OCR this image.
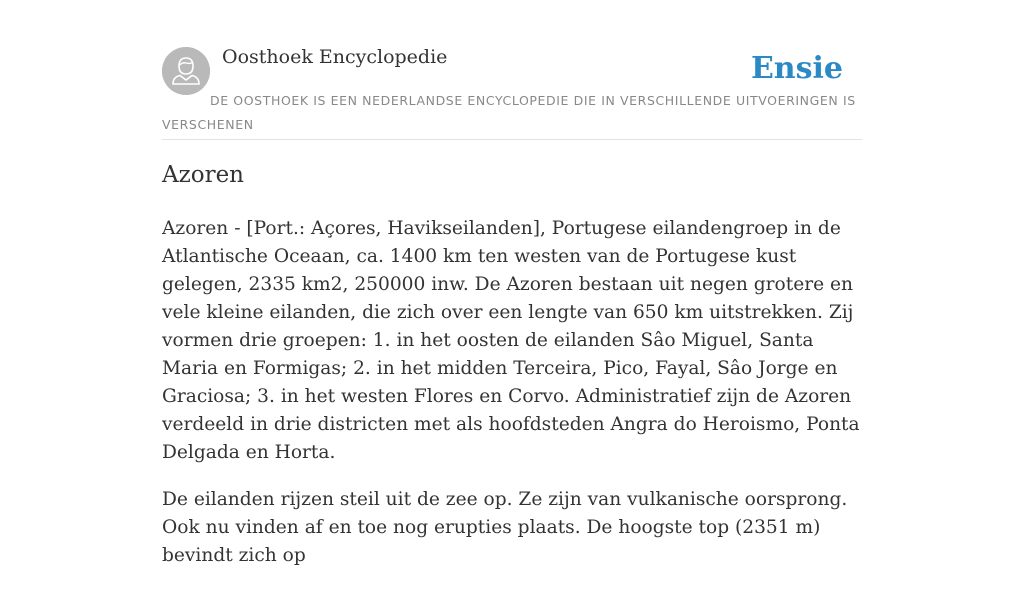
Oosthoek Encyclopedie	Ensie
DE OOSTHOEK IS EEN NEDERLANDSE ENCYCLOPEDIE DIE IN VERSCHILLENDE UITVOERINGEN IS VERSCHENEN
Azoren

Azoren - [Port.: Açores, Havikseilanden], Portugese eilandengroep in de Atlantische Oceaan, ca. 1400 km ten westen van de Portugese kust gelegen, 2335 km2, 250000 inw. De Azoren bestaan uit negen grotere en vele kleine eilanden, die zich over een lengte van 650 km uitstrekken. Zij vormen drie groepen: 1. in het oosten de eilanden Sâo Miguel, Santa Maria en Formigas; 2. in het midden Terceira, Pico, Fayal, Sâo Jorge en Graciosa; 3. in het westen Flores en Corvo. Administratief zijn de Azoren verdeeld in drie districten met als hoofdsteden Angra do Heroismo, Ponta Delgada en Horta.

De eilanden rijzen steil uit de zee op. Ze zijn van vulkanische oorsprong. Ook nu vinden af en toe nog erupties plaats. De hoogste top (2351 m) bevindt zich op
